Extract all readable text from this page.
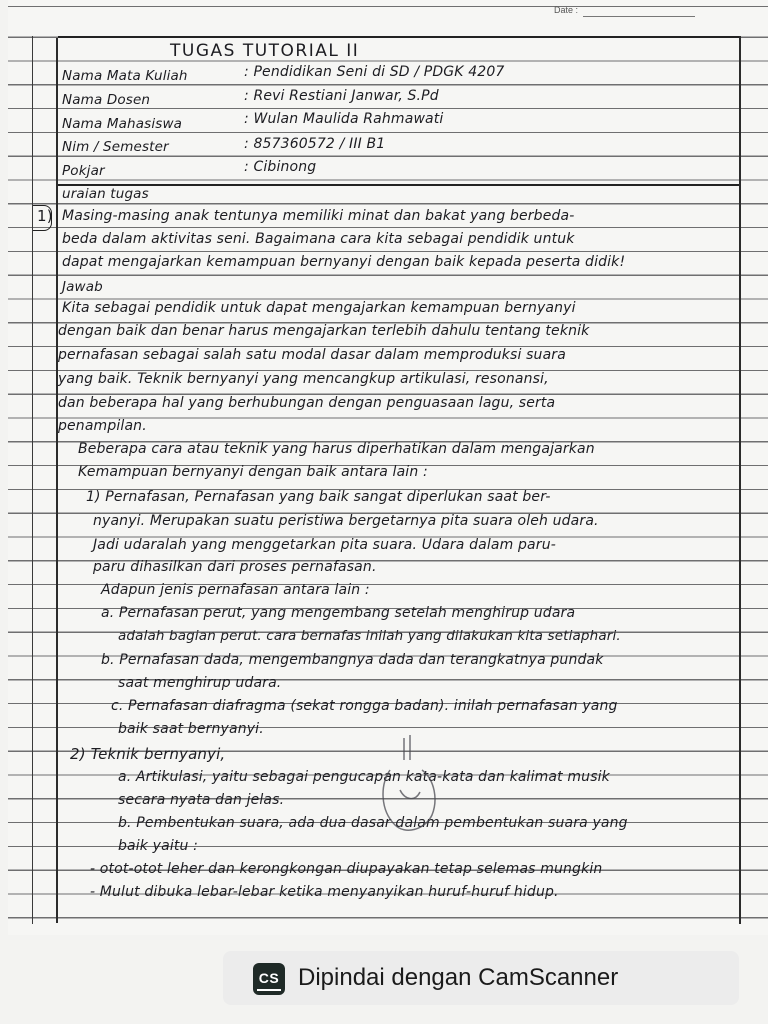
Date :
TUGAS TUTORIAL II
Nama Mata Kuliah	: Pendidikan Seni di SD / PDGK 4207
Nama Dosen	: Revi Restiani Janwar, S.Pd
Nama Mahasiswa	: Wulan Maulida Rahmawati
Nim / Semester	: 857360572 / III B1
Pokjar	: Cibinong
uraian tugas
1) Masing-masing anak tentunya memiliki minat dan bakat yang berbeda-
beda dalam aktivitas seni. Bagaimana cara kita sebagai pendidik untuk
dapat mengajarkan kemampuan bernyanyi dengan baik kepada peserta didik!
Jawab
Kita sebagai pendidik untuk dapat mengajarkan kemampuan bernyanyi
dengan baik dan benar harus mengajarkan terlebih dahulu tentang teknik
pernafasan sebagai salah satu modal dasar dalam memproduksi suara
yang baik. Teknik bernyanyi yang mencangkup artikulasi, resonansi,
dan beberapa hal yang berhubungan dengan penguasaan lagu, serta
penampilan.
Beberapa cara atau teknik yang harus diperhatikan dalam mengajarkan
Kemampuan bernyanyi dengan baik antara lain :
1) Pernafasan, Pernafasan yang baik sangat diperlukan saat ber-
nyanyi. Merupakan suatu peristiwa bergetarnya pita suara oleh udara.
Jadi udaralah yang menggetarkan pita suara. Udara dalam paru-
paru dihasilkan dari proses pernafasan.
Adapun jenis pernafasan antara lain :
a. Pernafasan perut, yang mengembang setelah menghirup udara
adalah bagian perut. cara bernafas inilah yang dilakukan kita setiaphari.
b. Pernafasan dada, mengembangnya dada dan terangkatnya pundak
saat menghirup udara.
c. Pernafasan diafragma (sekat rongga badan). inilah pernafasan yang
baik saat bernyanyi.
2) Teknik bernyanyi,
a. Artikulasi, yaitu sebagai pengucapan kata-kata dan kalimat musik
secara nyata dan jelas.
b. Pembentukan suara, ada dua dasar dalam pembentukan suara yang
baik yaitu :
- otot-otot leher dan kerongkongan diupayakan tetap selemas mungkin
- Mulut dibuka lebar-lebar ketika menyanyikan huruf-huruf hidup.
CS Dipindai dengan CamScanner
